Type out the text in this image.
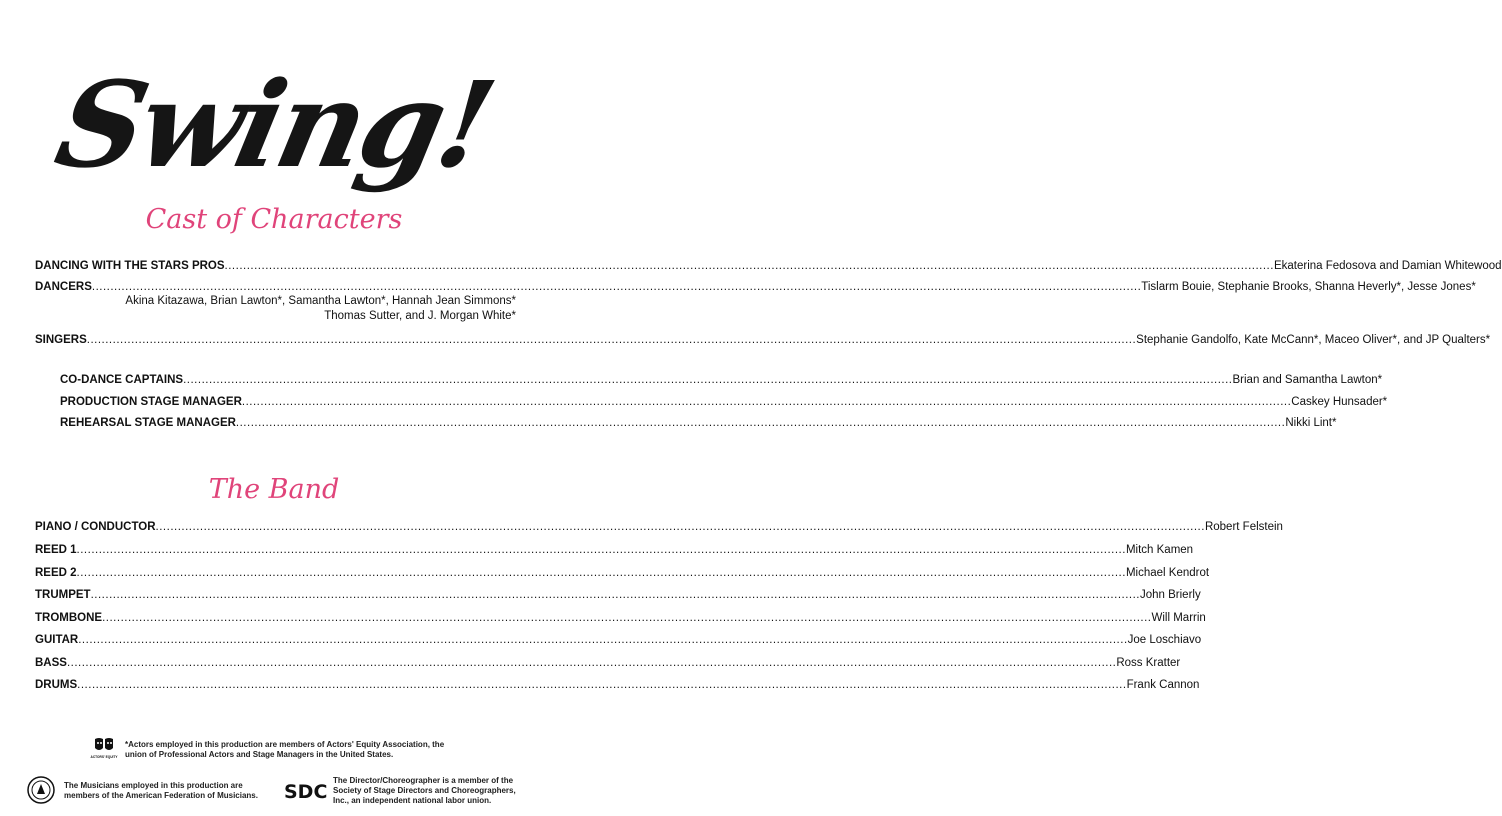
Swing!
Cast of Characters
DANCING WITH THE STARS PROS .....	Ekaterina Fedosova and Damian Whitewood
DANCERS .....	Tislarm Bouie, Stephanie Brooks, Shanna Heverly*, Jesse Jones*
Akina Kitazawa, Brian Lawton*, Samantha Lawton*, Hannah Jean Simmons*
Thomas Sutter, and J. Morgan White*
SINGERS .....	Stephanie Gandolfo, Kate McCann*, Maceo Oliver*, and JP Qualters*
CO-DANCE CAPTAINS .....	Brian and Samantha Lawton*
PRODUCTION STAGE MANAGER .....	Caskey Hunsader*
REHEARSAL STAGE MANAGER .....	Nikki Lint*
The Band
PIANO / CONDUCTOR .....	Robert Felstein
REED 1 .....	Mitch Kamen
REED 2 .....	Michael Kendrot
TRUMPET .....	John Brierly
TROMBONE .....	Will Marrin
GUITAR .....	Joe Loschiavo
BASS .....	Ross Kratter
DRUMS .....	Frank Cannon
ACTORS' EQUITY
*Actors employed in this production are members of Actors' Equity Association, the union of Professional Actors and Stage Managers in the United States.
The Musicians employed in this production are members of the American Federation of Musicians.	SDC
The Director/Choreographer is a member of the Society of Stage Directors and Choreographers, Inc., an independent national labor union.
